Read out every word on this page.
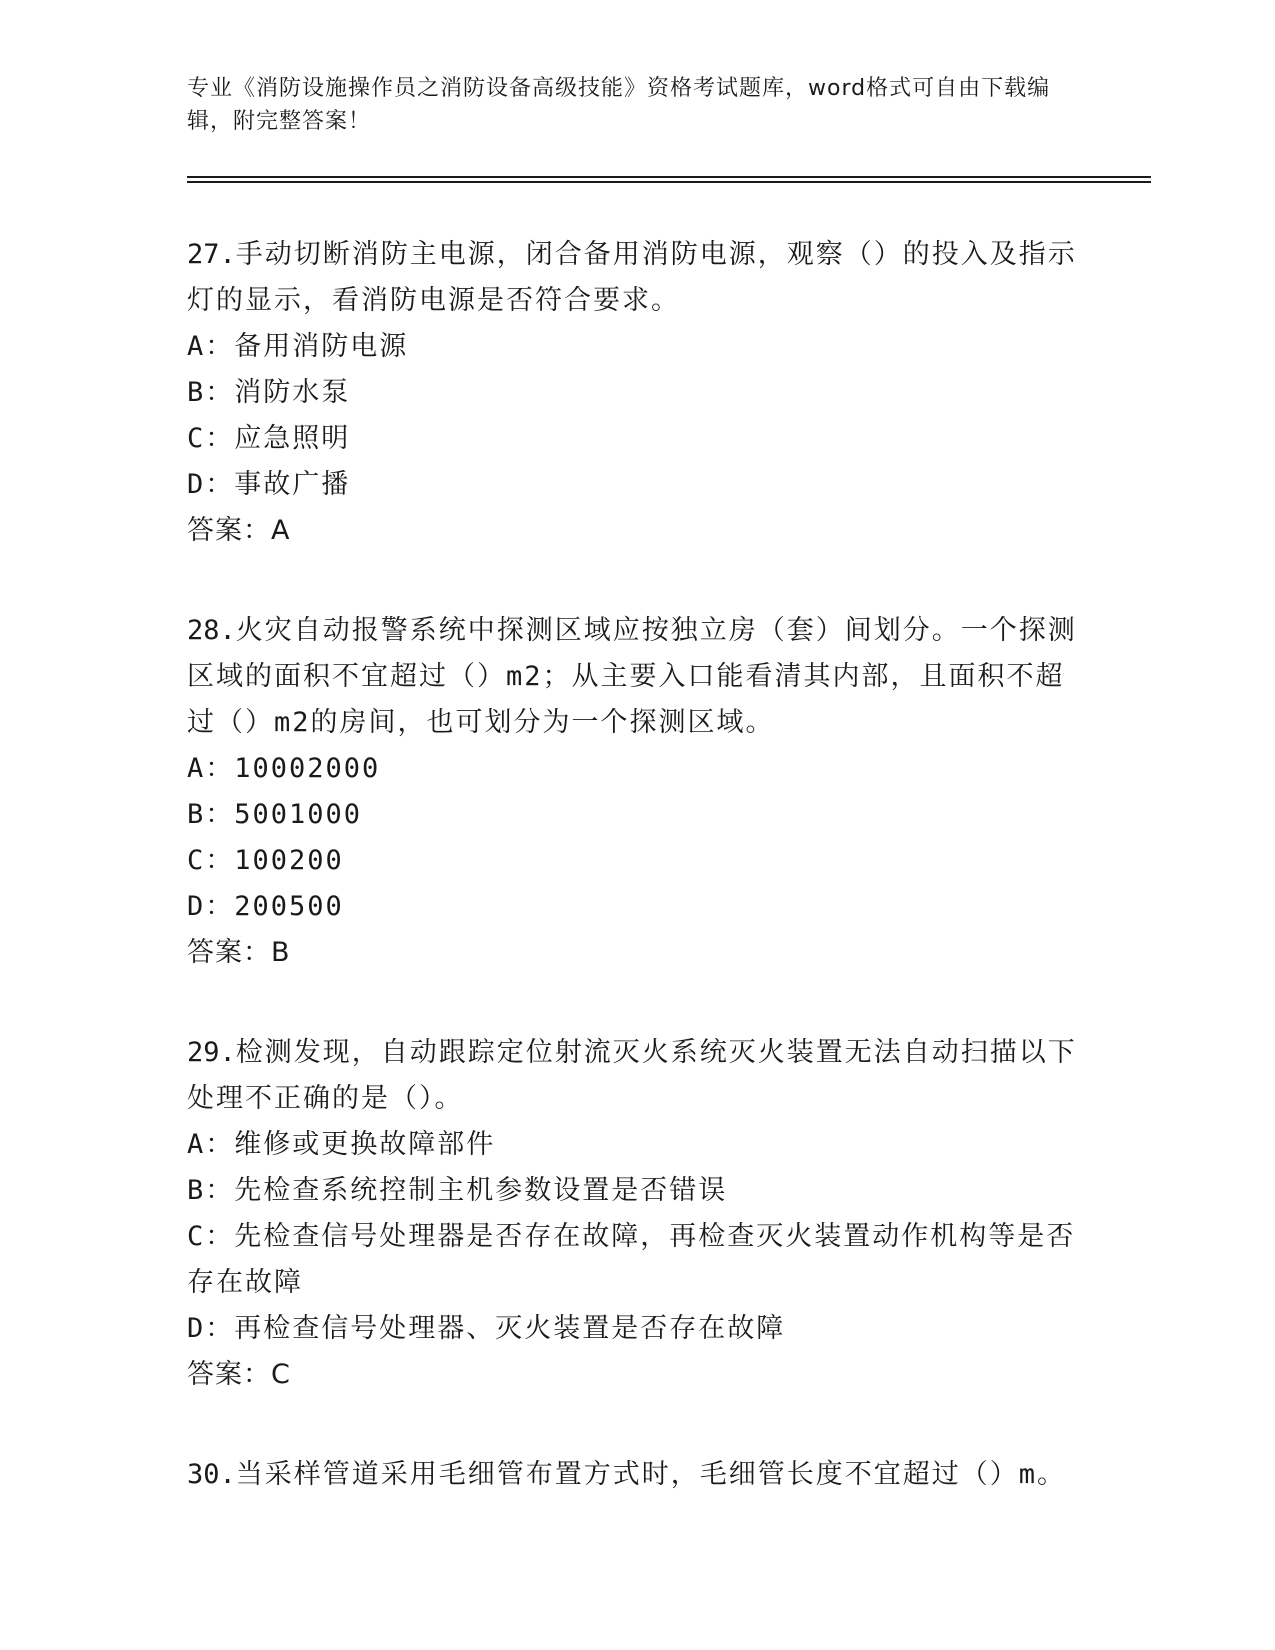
专业《消防设施操作员之消防设备高级技能》资格考试题库，word格式可自由下载编辑，附完整答案！

27.手动切断消防主电源，闭合备用消防电源，观察（）的投入及指示灯的显示，看消防电源是否符合要求。

A：备用消防电源

B：消防水泵

C：应急照明

D：事故广播

答案：A

28.火灾自动报警系统中探测区域应按独立房（套）间划分。一个探测区域的面积不宜超过（）m2；从主要入口能看清其内部，且面积不超过（）m2的房间，也可划分为一个探测区域。

A：10002000

B：5001000

C：100200

D：200500

答案：B

29.检测发现，自动跟踪定位射流灭火系统灭火装置无法自动扫描以下处理不正确的是（）。

A：维修或更换故障部件

B：先检查系统控制主机参数设置是否错误

C：先检查信号处理器是否存在故障，再检查灭火装置动作机构等是否存在故障

D：再检查信号处理器、灭火装置是否存在故障

答案：C

30.当采样管道采用毛细管布置方式时，毛细管长度不宜超过（）m。
